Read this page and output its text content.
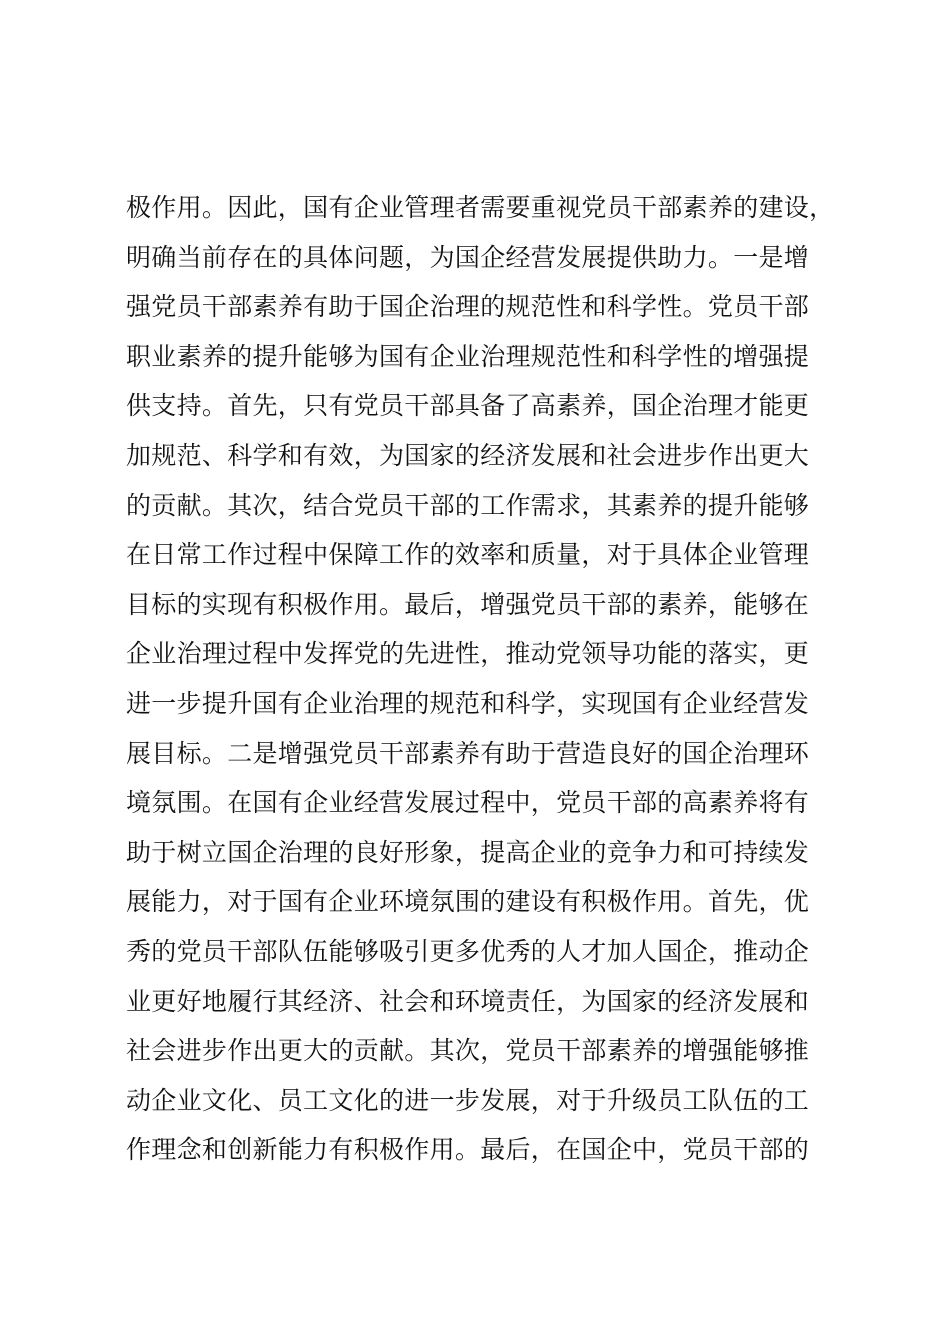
极作用。因此，国有企业管理者需要重视党员干部素养的建设，
明确当前存在的具体问题，为国企经营发展提供助力。一是增
强党员干部素养有助于国企治理的规范性和科学性。党员干部
职业素养的提升能够为国有企业治理规范性和科学性的增强提
供支持。首先，只有党员干部具备了高素养，国企治理才能更
加规范、科学和有效，为国家的经济发展和社会进步作出更大
的贡献。其次，结合党员干部的工作需求，其素养的提升能够
在日常工作过程中保障工作的效率和质量，对于具体企业管理
目标的实现有积极作用。最后，增强党员干部的素养，能够在
企业治理过程中发挥党的先进性，推动党领导功能的落实，更
进一步提升国有企业治理的规范和科学，实现国有企业经营发
展目标。二是增强党员干部素养有助于营造良好的国企治理环
境氛围。在国有企业经营发展过程中，党员干部的高素养将有
助于树立国企治理的良好形象，提高企业的竞争力和可持续发
展能力，对于国有企业环境氛围的建设有积极作用。首先，优
秀的党员干部队伍能够吸引更多优秀的人才加人国企，推动企
业更好地履行其经济、社会和环境责任，为国家的经济发展和
社会进步作出更大的贡献。其次，党员干部素养的增强能够推
动企业文化、员工文化的进一步发展，对于升级员工队伍的工
作理念和创新能力有积极作用。最后，在国企中，党员干部的
